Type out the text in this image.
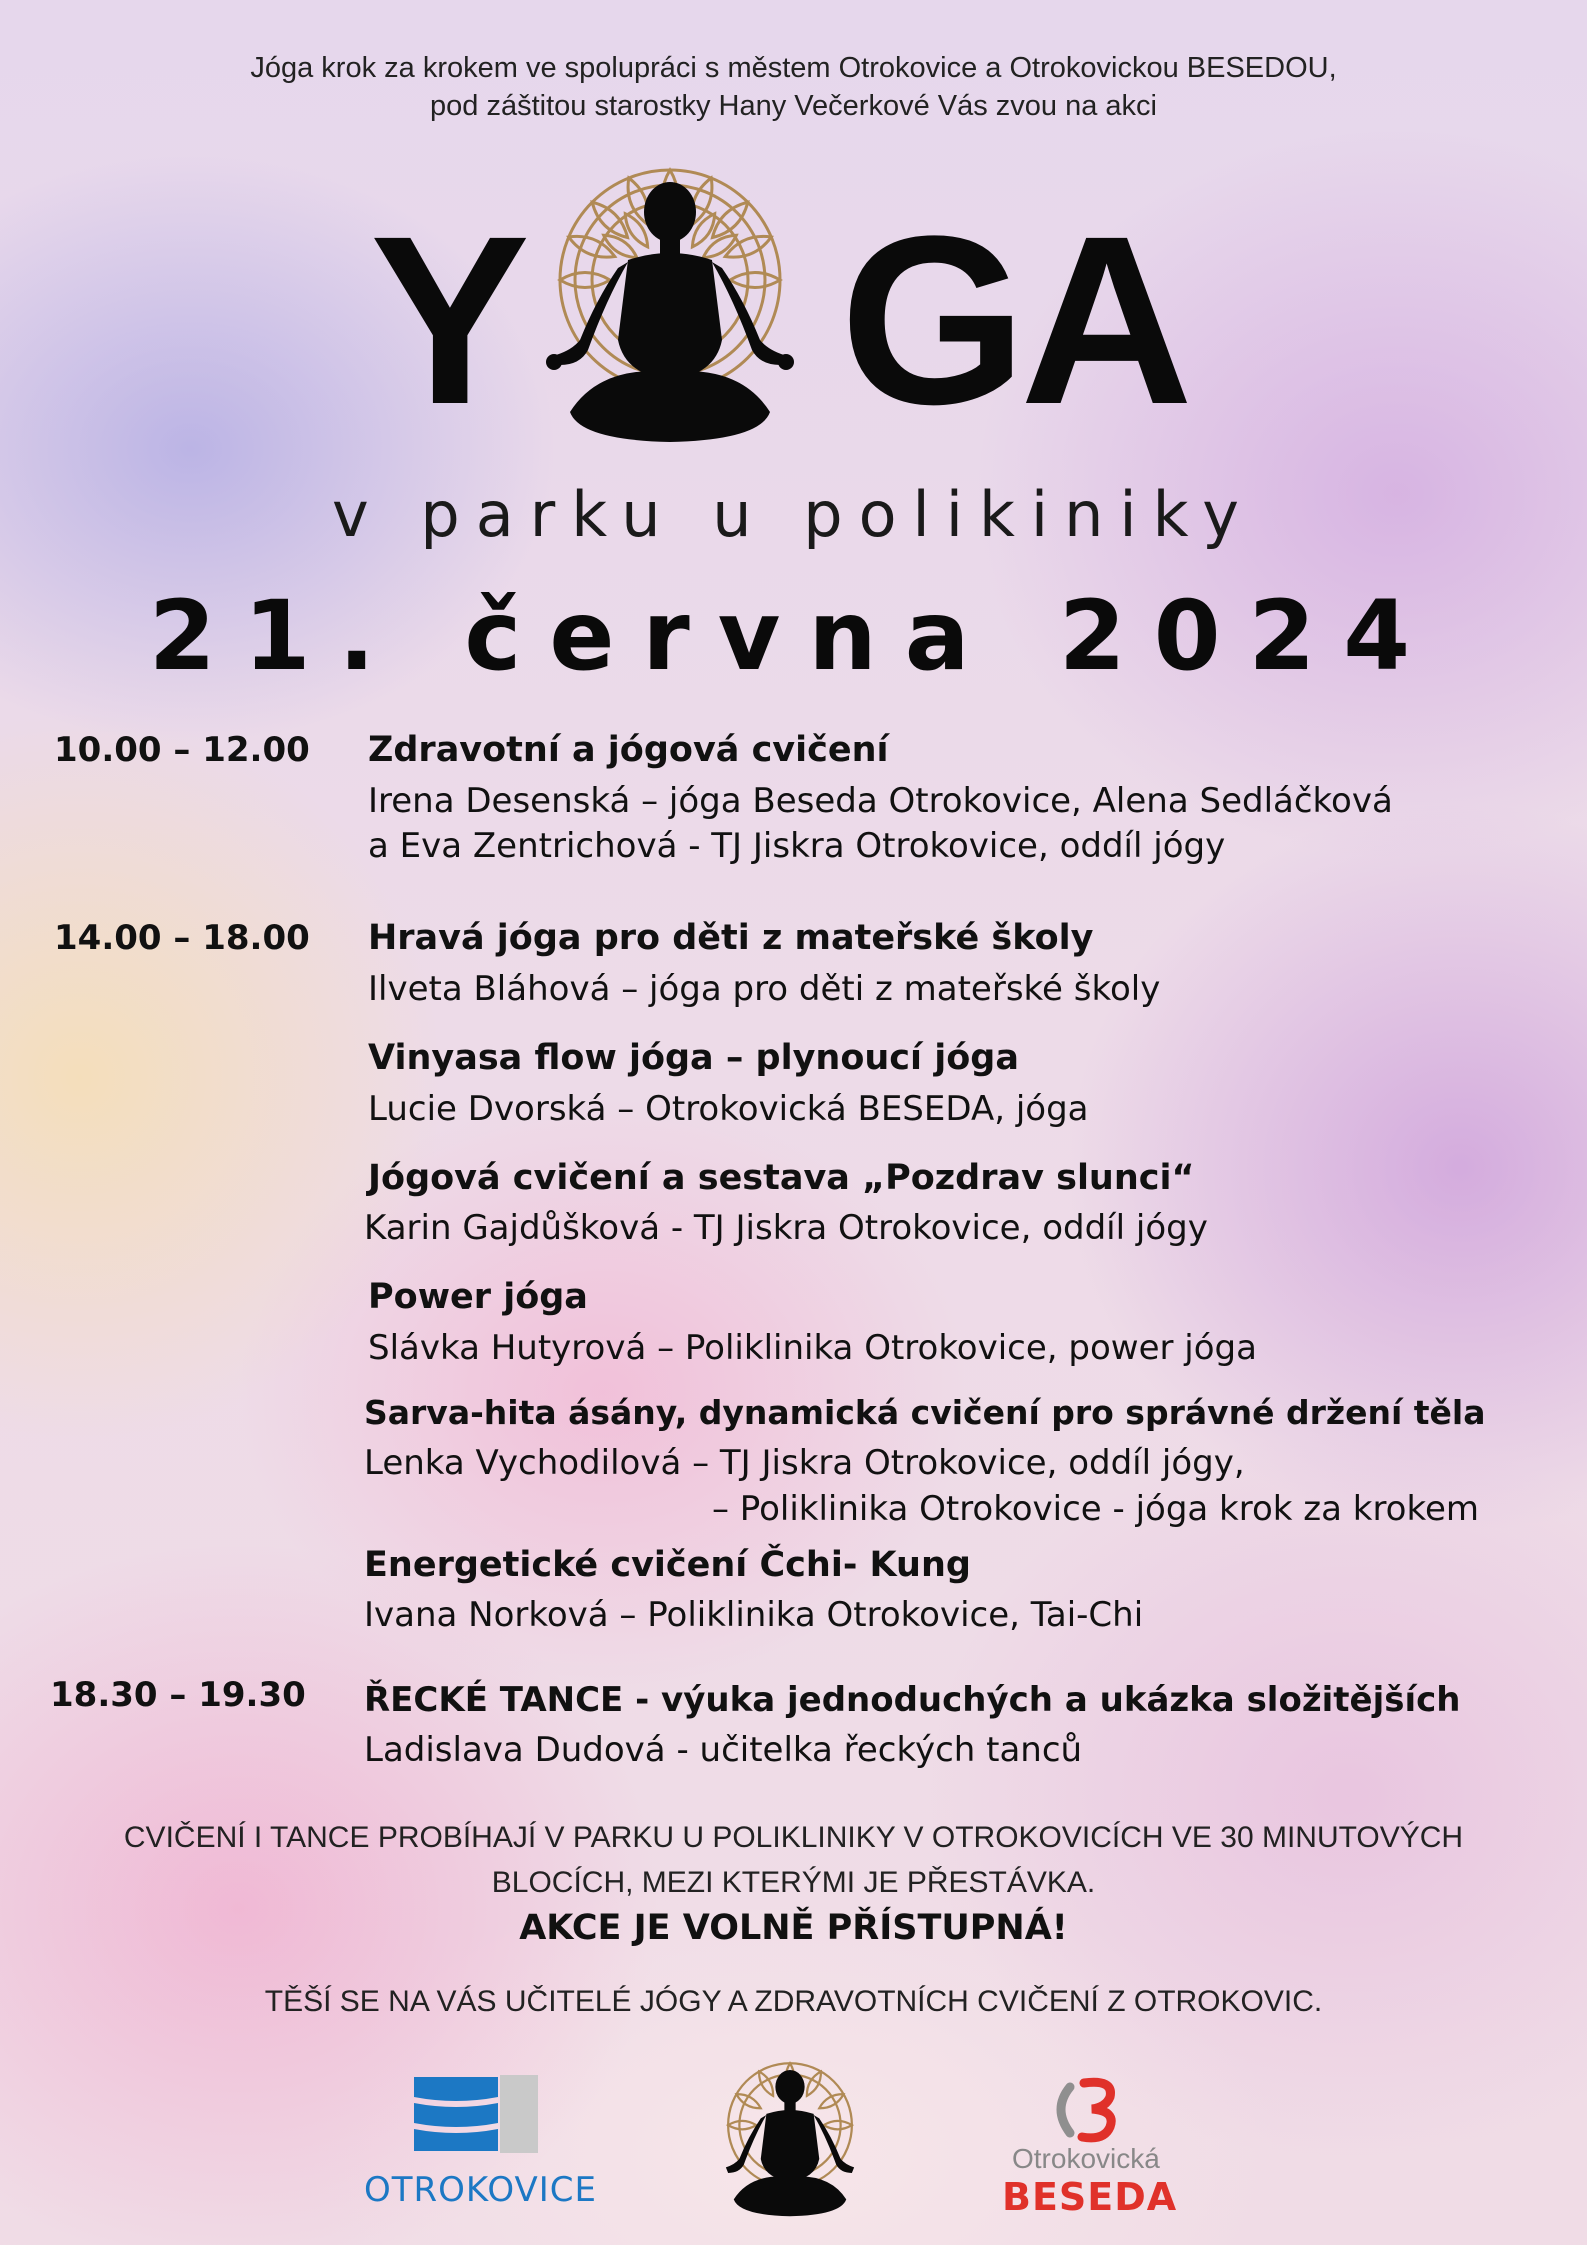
Jóga krok za krokem ve spolupráci s městem Otrokovice a Otrokovickou BESEDOU,
pod záštitou starostky Hany Večerkové Vás zvou na akci
Y G
A
v parku u polikiniky
21. června 2024
10.00 – 12.00 Zdravotní a jógová cvičení
Irena Desenská – jóga Beseda Otrokovice, Alena Sedláčková
a Eva Zentrichová - TJ Jiskra Otrokovice, oddíl jógy
14.00 – 18.00 Hravá jóga pro děti z mateřské školy
Ilveta Bláhová – jóga pro děti z mateřské školy
Vinyasa flow jóga – plynoucí jóga
Lucie Dvorská – Otrokovická BESEDA, jóga
Jógová cvičení a sestava „Pozdrav slunci“
Karin Gajdůšková - TJ Jiskra Otrokovice, oddíl jógy
Power jóga
Slávka Hutyrová – Poliklinika Otrokovice, power jóga
Sarva-hita ásány, dynamická cvičení pro správné držení těla
Lenka Vychodilová – TJ Jiskra Otrokovice, oddíl jógy,
– Poliklinika Otrokovice - jóga krok za krokem
Energetické cvičení Čchi- Kung
Ivana Norková – Poliklinika Otrokovice, Tai-Chi
18.30 – 19.30 ŘECKÉ TANCE - výuka jednoduchých a ukázka složitějších
Ladislava Dudová - učitelka řeckých tanců
CVIČENÍ I TANCE PROBÍHAJÍ V PARKU U POLIKLINIKY V OTROKOVICÍCH VE 30 MINUTOVÝCH
BLOCÍCH, MEZI KTERÝMI JE PŘESTÁVKA.
AKCE JE VOLNĚ PŘÍSTUPNÁ!
TĚŠÍ SE NA VÁS UČITELÉ JÓGY A ZDRAVOTNÍCH CVIČENÍ Z OTROKOVIC.
OTROKOVICE
Otrokovická
BESEDA
